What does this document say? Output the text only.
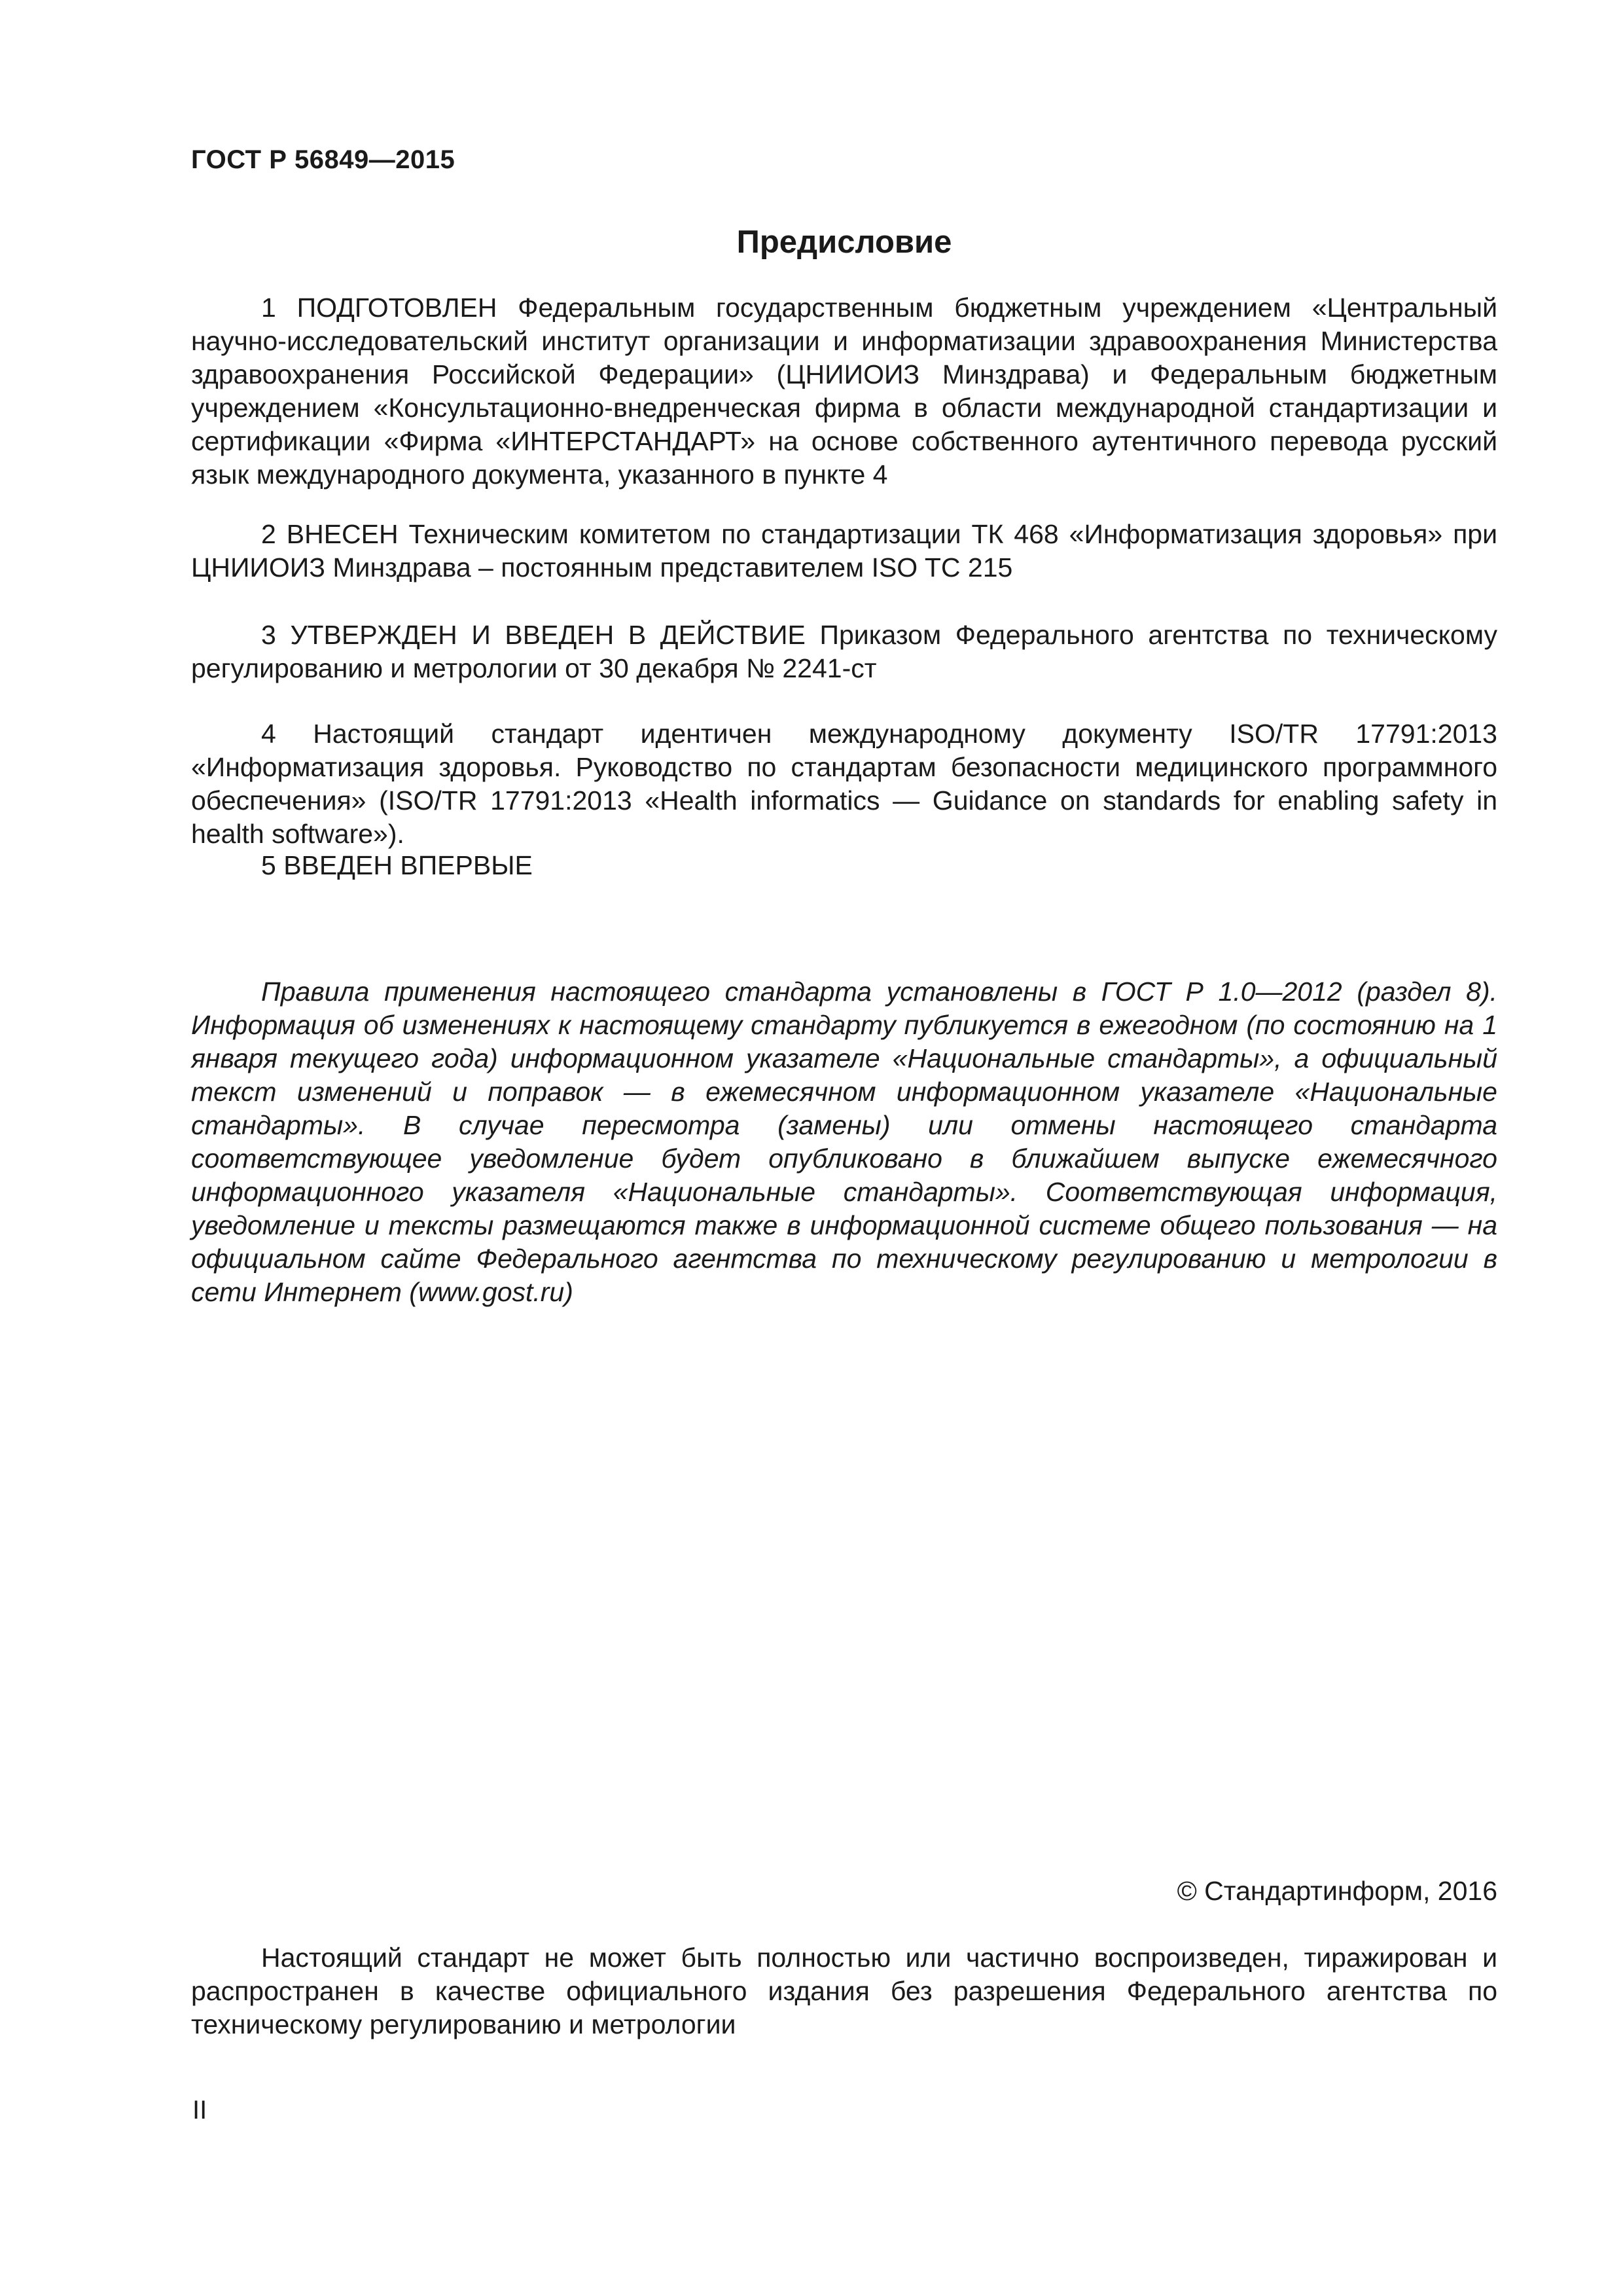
ГОСТ Р 56849—2015
Предисловие

1 ПОДГОТОВЛЕН Федеральным государственным бюджетным учреждением «Центральный научно-исследовательский институт организации и информатизации здравоохранения Министерства здравоохранения Российской Федерации» (ЦНИИОИЗ Минздрава) и Федеральным бюджетным учреждением «Консультационно-внедренческая фирма в области международной стандартизации и сертификации «Фирма «ИНТЕРСТАНДАРТ» на основе собственного аутентичного перевода русский язык международного документа, указанного в пункте 4

2 ВНЕСЕН Техническим комитетом по стандартизации ТК 468 «Информатизация здоровья» при ЦНИИОИЗ Минздрава – постоянным представителем ISO TC 215

3 УТВЕРЖДЕН И ВВЕДЕН В ДЕЙСТВИЕ Приказом Федерального агентства по техническому регулированию и метрологии от 30 декабря № 2241-ст

4 Настоящий стандарт идентичен международному документу ISO/TR 17791:2013 «Информатизация здоровья. Руководство по стандартам безопасности медицинского программного обеспечения» (ISO/TR 17791:2013 «Health informatics — Guidance on standards for enabling safety in health software»).

5 ВВЕДЕН ВПЕРВЫЕ

Правила применения настоящего стандарта установлены в ГОСТ Р 1.0—2012 (раздел 8). Информация об изменениях к настоящему стандарту публикуется в ежегодном (по состоянию на 1 января текущего года) информационном указателе «Национальные стандарты», а официальный текст изменений и поправок — в ежемесячном информационном указателе «Национальные стандарты». В случае пересмотра (замены) или отмены настоящего стандарта соответствующее уведомление будет опубликовано в ближайшем выпуске ежемесячного информационного указателя «Национальные стандарты». Соответствующая информация, уведомление и тексты размещаются также в информационной системе общего пользования — на официальном сайте Федерального агентства по техническому регулированию и метрологии в сети Интернет (www.gost.ru)

© Стандартинформ, 2016

Настоящий стандарт не может быть полностью или частично воспроизведен, тиражирован и распространен в качестве официального издания без разрешения Федерального агентства по техническому регулированию и метрологии

II
